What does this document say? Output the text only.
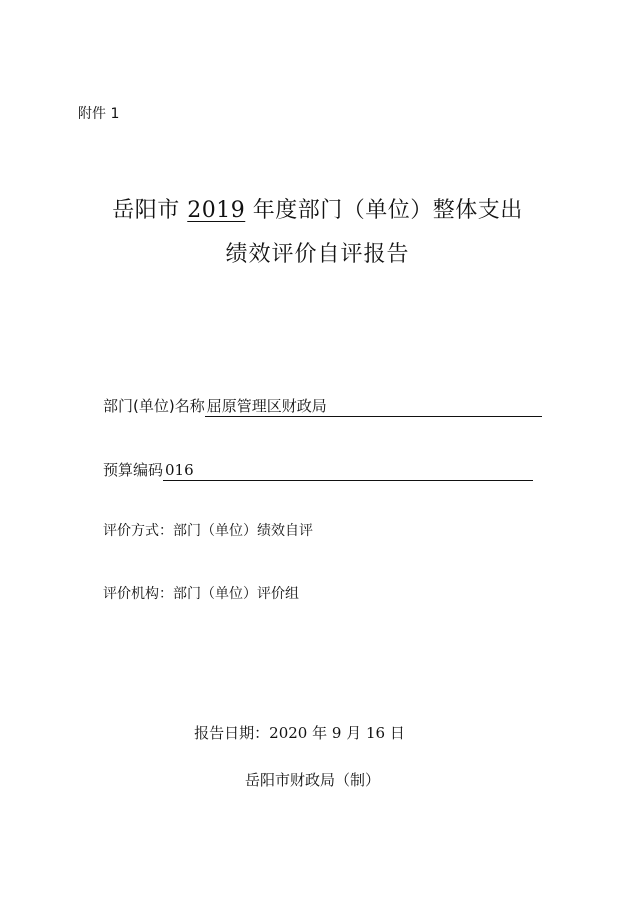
附件 1
岳阳市 2019 年度部门（单位）整体支出
绩效评价自评报告
部门(单位)名称 屈原管理区财政局
预算编码 016
评价方式： 部门（单位）绩效自评
评价机构： 部门（单位）评价组
报告日期：2020 年 9 月 16 日
岳阳市财政局（制）
